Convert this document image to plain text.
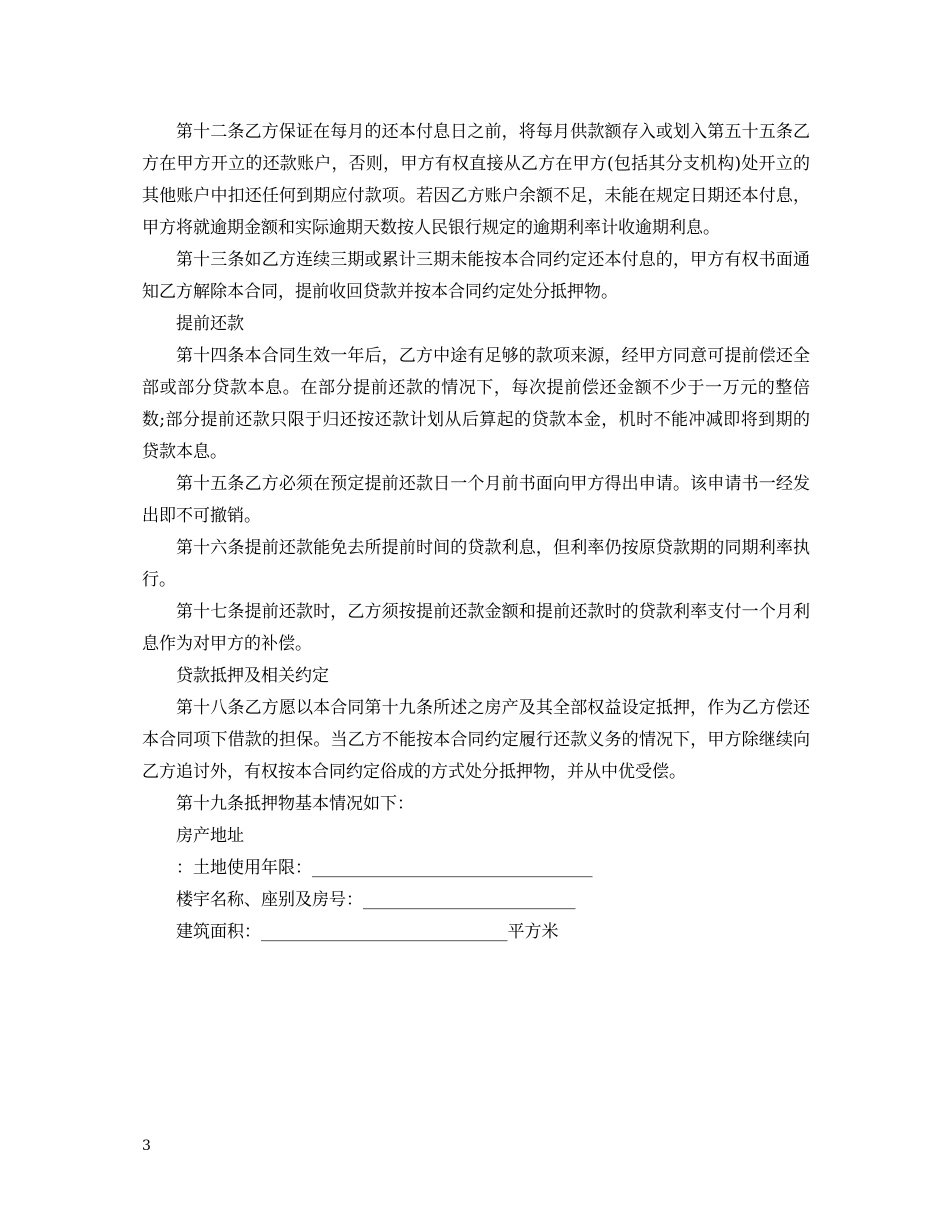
第十二条乙方保证在每月的还本付息日之前，将每月供款额存入或划入第五十五条乙方在甲方开立的还款账户，否则，甲方有权直接从乙方在甲方(包括其分支机构)处开立的其他账户中扣还任何到期应付款项。若因乙方账户余额不足，未能在规定日期还本付息，甲方将就逾期金额和实际逾期天数按人民银行规定的逾期利率计收逾期利息。

第十三条如乙方连续三期或累计三期未能按本合同约定还本付息的，甲方有权书面通知乙方解除本合同，提前收回贷款并按本合同约定处分抵押物。

提前还款

第十四条本合同生效一年后，乙方中途有足够的款项来源，经甲方同意可提前偿还全部或部分贷款本息。在部分提前还款的情况下，每次提前偿还金额不少于一万元的整倍数;部分提前还款只限于归还按还款计划从后算起的贷款本金，机时不能冲减即将到期的贷款本息。

第十五条乙方必须在预定提前还款日一个月前书面向甲方得出申请。该申请书一经发出即不可撤销。

第十六条提前还款能免去所提前时间的贷款利息，但利率仍按原贷款期的同期利率执行。

第十七条提前还款时，乙方须按提前还款金额和提前还款时的贷款利率支付一个月利息作为对甲方的补偿。

贷款抵押及相关约定

第十八条乙方愿以本合同第十九条所述之房产及其全部权益设定抵押，作为乙方偿还本合同项下借款的担保。当乙方不能按本合同约定履行还款义务的情况下，甲方除继续向乙方追讨外，有权按本合同约定俗成的方式处分抵押物，并从中优受偿。

第十九条抵押物基本情况如下：

房产地址

：土地使用年限：_________________________________

楼宇名称、座别及房号：_________________________

建筑面积：_____________________________平方米

3
